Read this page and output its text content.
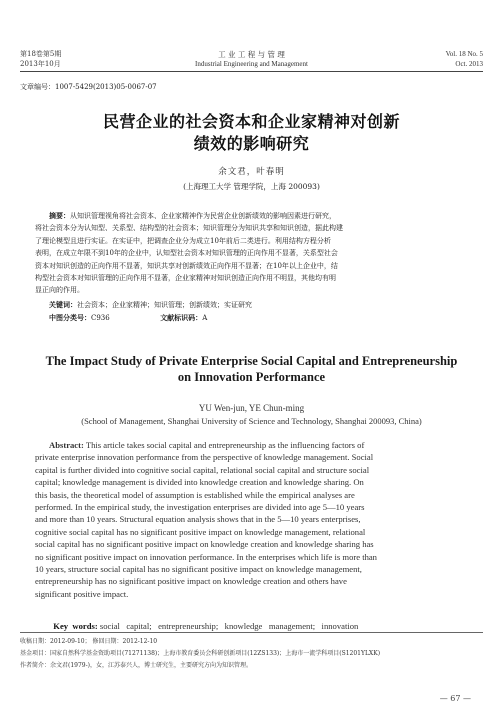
第18卷第5期
2013年10月
工 业 工 程 与 管 理
Industrial Engineering and Management
Vol. 18 No. 5
Oct. 2013
文章编号：1007-5429(2013)05-0067-07
民营企业的社会资本和企业家精神对创新
绩效的影响研究
余文君，叶春明
(上海理工大学 管理学院，上海 200093)
摘要：从知识管理视角将社会资本、企业家精神作为民营企业创新绩效的影响因素进行研究，
将社会资本分为认知型、关系型、结构型的社会资本；知识管理分为知识共享和知识创造，据此构建
了理论模型且进行实证。在实证中，把调查企业分为成立10年前后二类进行。利用结构方程分析
表明，在成立年限不到10年的企业中，认知型社会资本对知识管理的正向作用不显著，关系型社会
资本对知识创造的正向作用不显著，知识共享对创新绩效正向作用不显著；在10年以上企业中，结
构型社会资本对知识管理的正向作用不显著，企业家精神对知识创造正向作用不明显，其他均有明
显正向的作用。
关键词：社会资本；企业家精神；知识管理；创新绩效；实证研究
中图分类号：C936	文献标识码：A
The Impact Study of Private Enterprise Social Capital and Entrepreneurship
on Innovation Performance
YU Wen-jun, YE Chun-ming
(School of Management, Shanghai University of Science and Technology, Shanghai 200093, China)
Abstract: This article takes social capital and entrepreneurship as the influencing factors of
private enterprise innovation performance from the perspective of knowledge management. Social
capital is further divided into cognitive social capital, relational social capital and structure social
capital; knowledge management is divided into knowledge creation and knowledge sharing. On
this basis, the theoretical model of assumption is established while the empirical analyses are
performed. In the empirical study, the investigation enterprises are divided into age 5—10 years
and more than 10 years. Structural equation analysis shows that in the 5—10 years enterprises,
cognitive social capital has no significant positive impact on knowledge management, relational
social capital has no significant positive impact on knowledge creation and knowledge sharing has
no significant positive impact on innovation performance. In the enterprises which life is more than
10 years, structure social capital has no significant positive impact on knowledge management,
entrepreneurship has no significant positive impact on knowledge creation and others have
significant positive impact.

Key  words: social   capital;   entrepreneurship;   knowledge   management;   innovation

收稿日期：2012-09-10； 修回日期：2012-12-10
基金项目：国家自然科学基金资助项目(71271138)；上海市教育委员会科研创新项目(12ZS133)；上海市一流学科项目(S1201YLXK)
作者简介：余文君(1979-)，女，江苏泰兴人，博士研究生，主要研究方向为知识管理。
— 67 —
